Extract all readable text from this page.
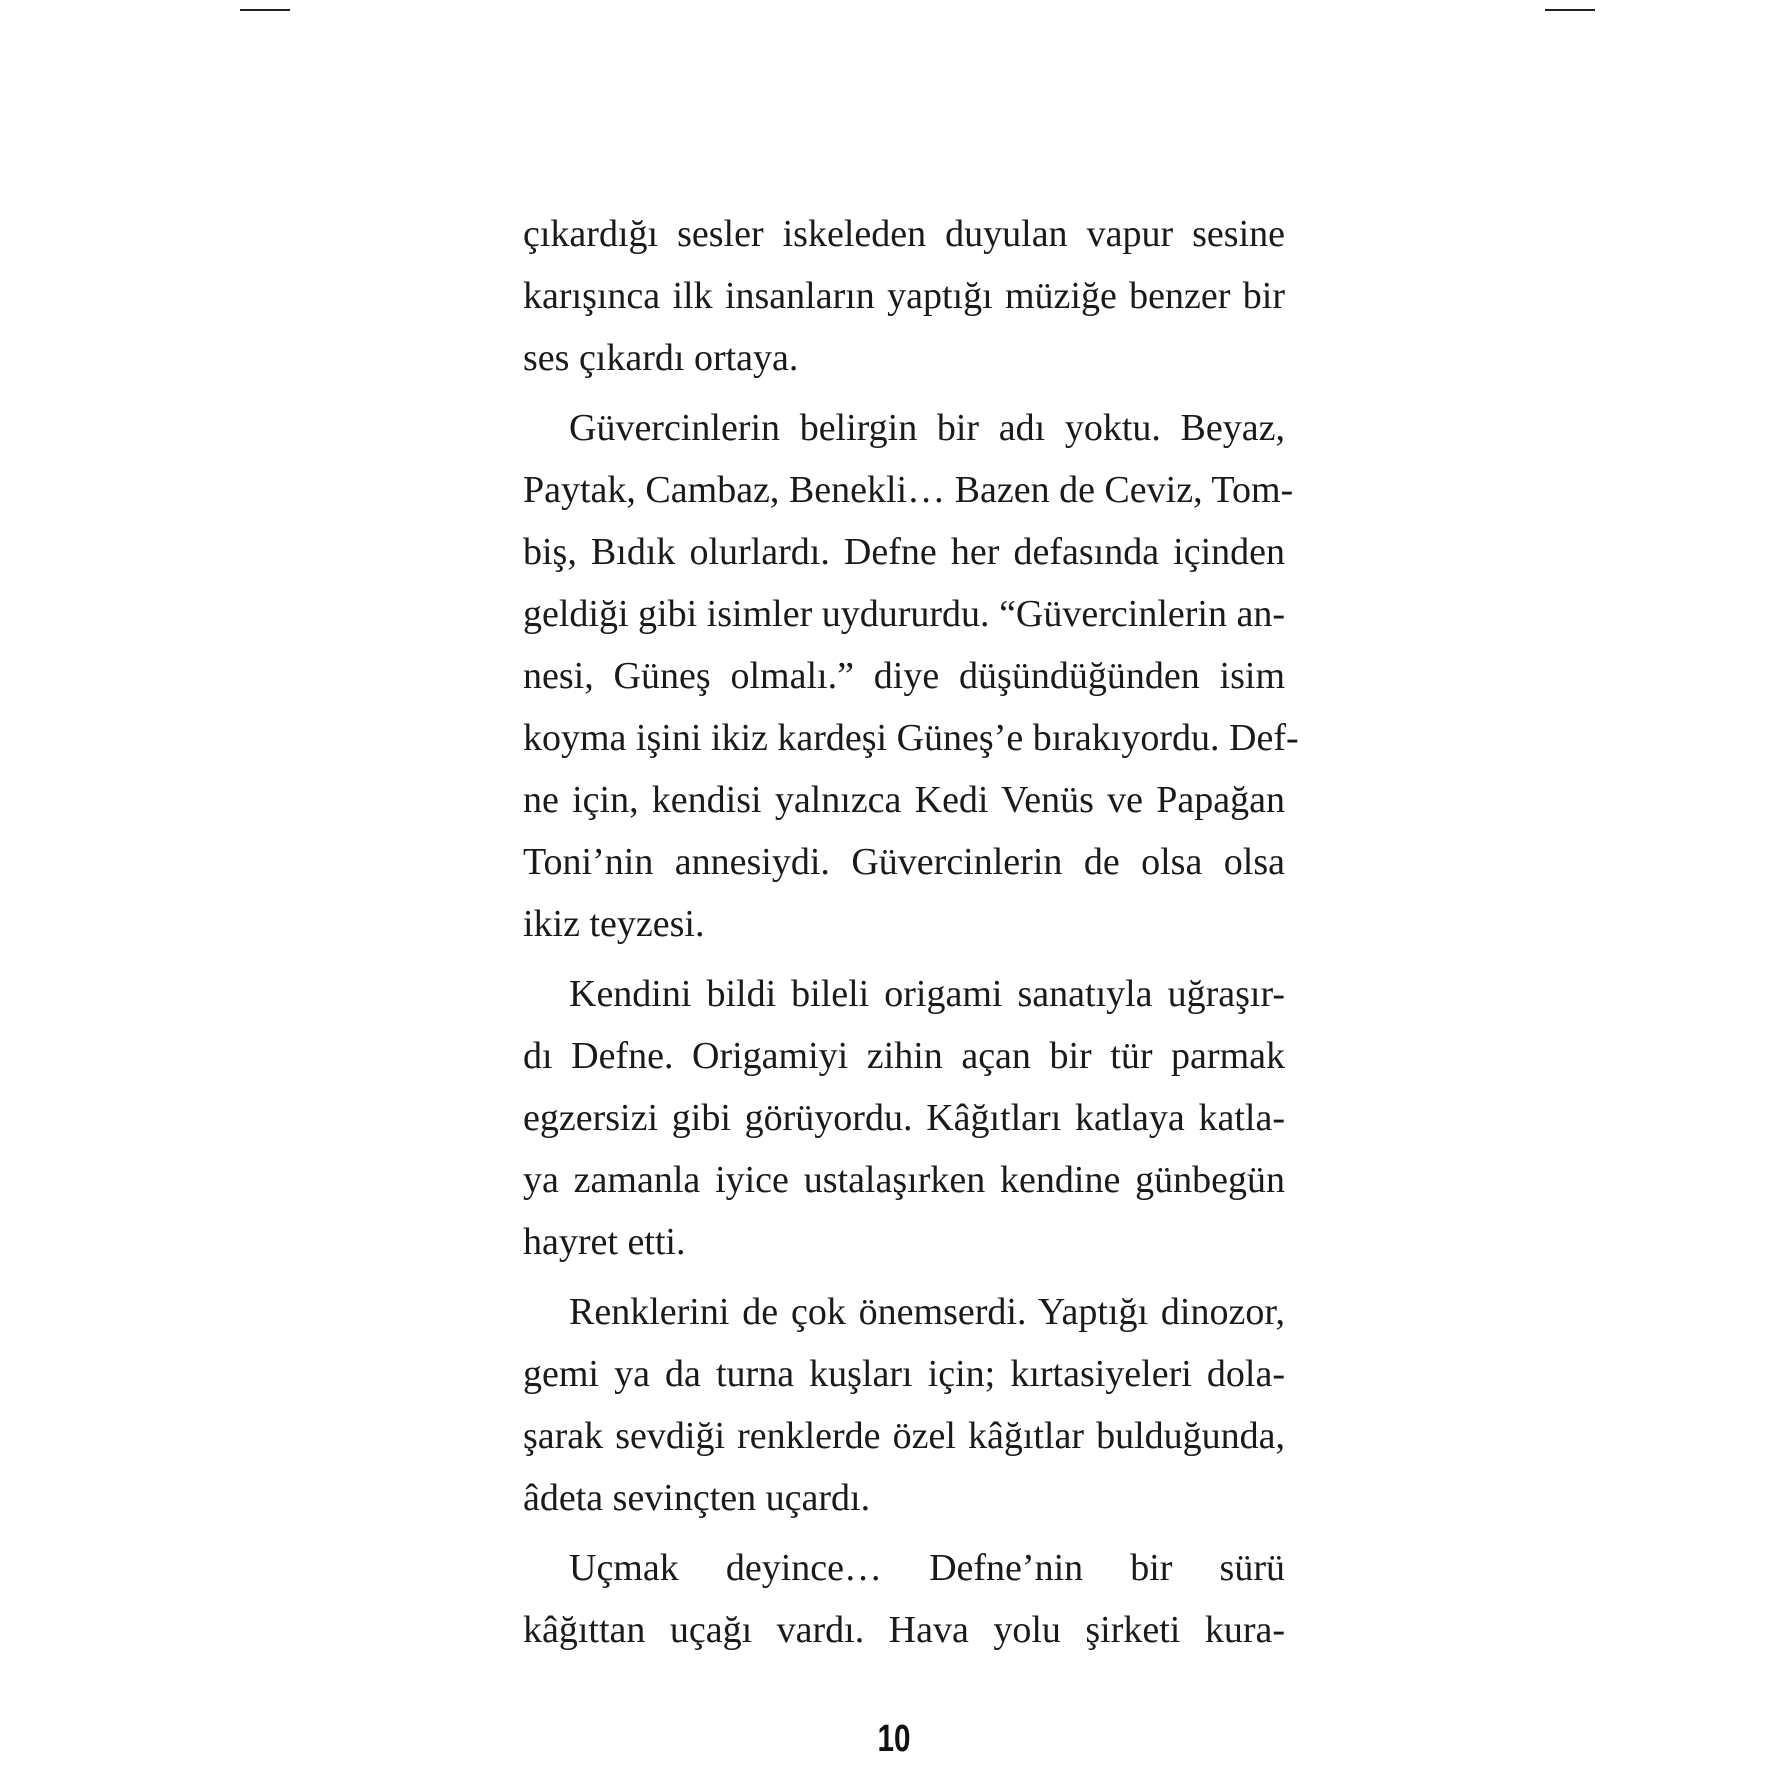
çıkardığı sesler iskeleden duyulan vapur sesine
karışınca ilk insanların yaptığı müziğe benzer bir
ses çıkardı ortaya.
Güvercinlerin belirgin bir adı yoktu. Beyaz,
Paytak, Cambaz, Benekli… Bazen de Ceviz, Tom-
biş, Bıdık olurlardı. Defne her defasında içinden
geldiği gibi isimler uydururdu. “Güvercinlerin an-
nesi, Güneş olmalı.” diye düşündüğünden isim
koyma işini ikiz kardeşi Güneş’e bırakıyordu. Def-
ne için, kendisi yalnızca Kedi Venüs ve Papağan
Toni’nin annesiydi. Güvercinlerin de olsa olsa
ikiz teyzesi.
Kendini bildi bileli origami sanatıyla uğraşır-
dı Defne. Origamiyi zihin açan bir tür parmak
egzersizi gibi görüyordu. Kâğıtları katlaya katla-
ya zamanla iyice ustalaşırken kendine günbegün
hayret etti.
Renklerini de çok önemserdi. Yaptığı dinozor,
gemi ya da turna kuşları için; kırtasiyeleri dola-
şarak sevdiği renklerde özel kâğıtlar bulduğunda,
âdeta sevinçten uçardı.
Uçmak deyince… Defne’nin bir sürü
kâğıttan uçağı vardı. Hava yolu şirketi kura-
10
